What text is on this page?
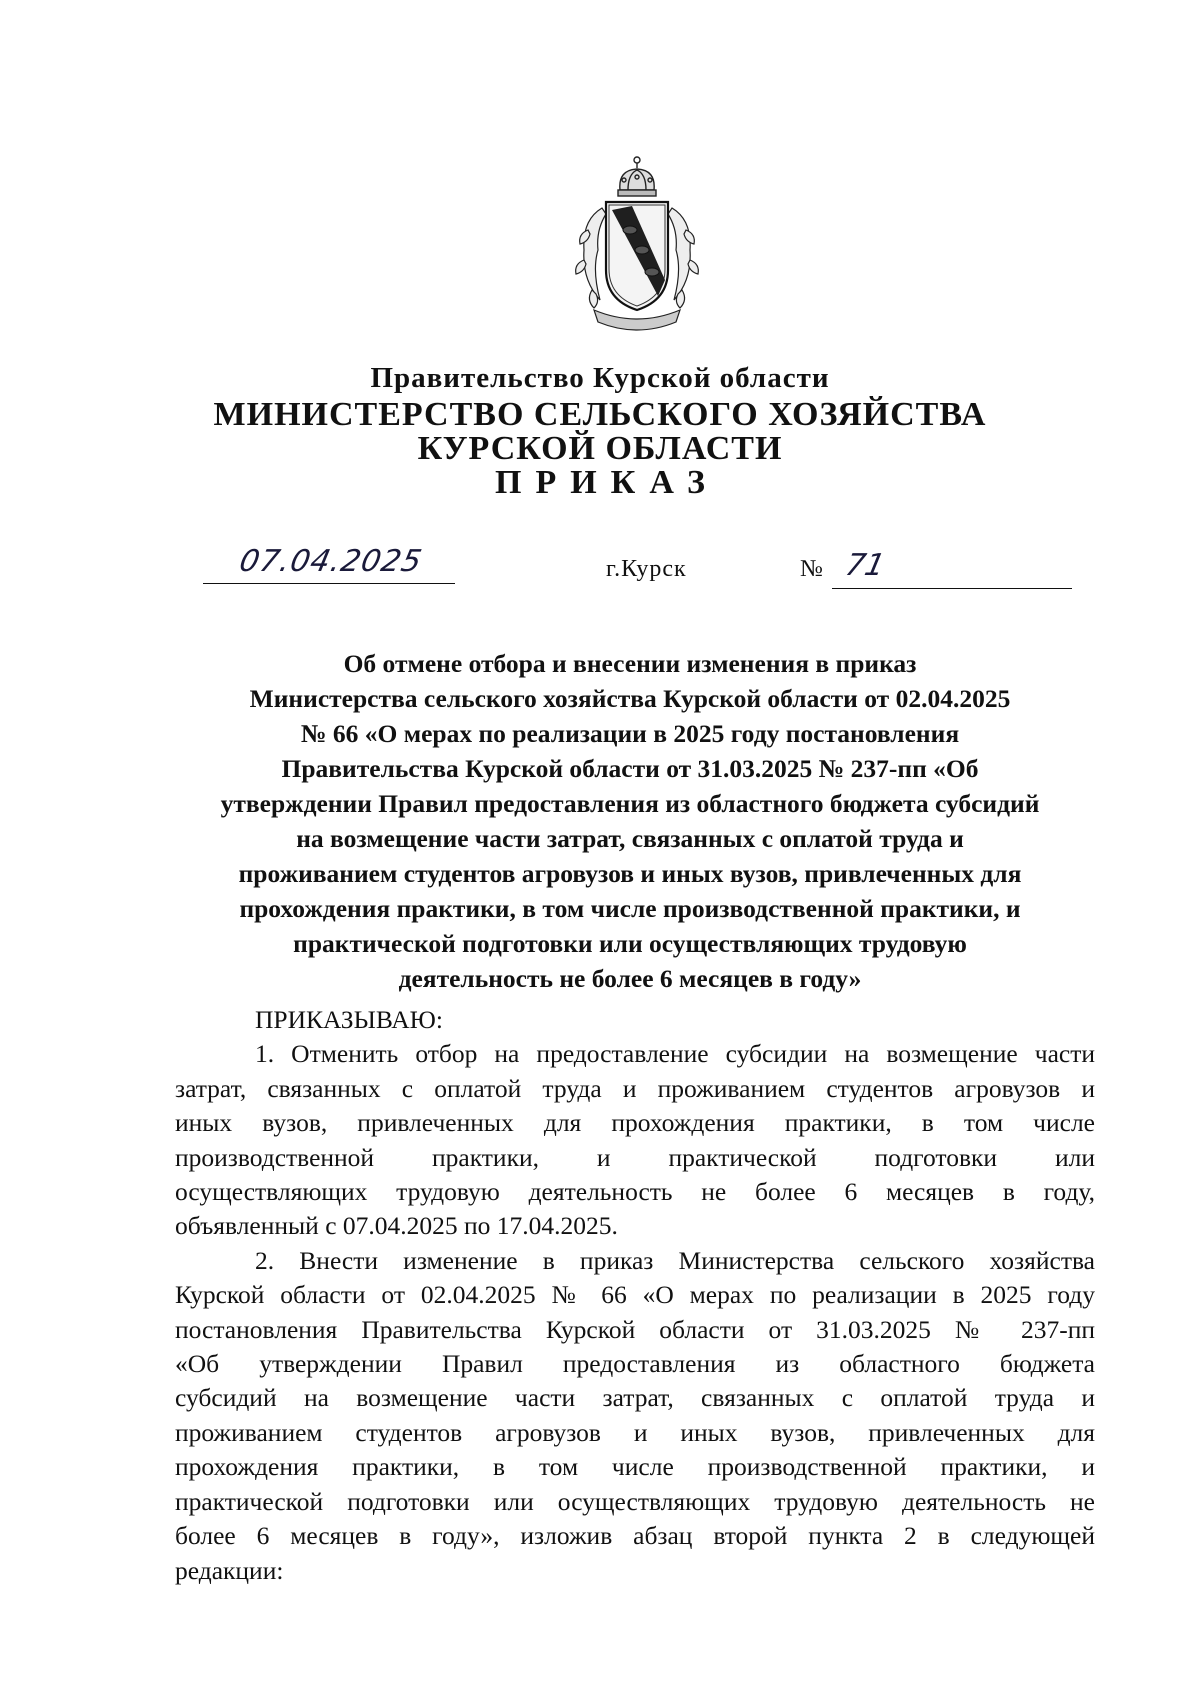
Правительство Курской области
МИНИСТЕРСТВО СЕЛЬСКОГО ХОЗЯЙСТВА
КУРСКОЙ ОБЛАСТИ
ПРИКАЗ
07.04.2025	г.Курск	№ 71
Об отмене отбора и внесении изменения в приказ
Министерства сельского хозяйства Курской области от 02.04.2025
№ 66 «О мерах по реализации в 2025 году постановления
Правительства Курской области от 31.03.2025 № 237-пп «Об
утверждении Правил предоставления из областного бюджета субсидий
на возмещение части затрат, связанных с оплатой труда и
проживанием студентов агровузов и иных вузов, привлеченных для
прохождения практики, в том числе производственной практики, и
практической подготовки или осуществляющих трудовую
деятельность не более 6 месяцев в году»
ПРИКАЗЫВАЮ:
1. Отменить отбор на предоставление субсидии на возмещение части
затрат, связанных с оплатой труда и проживанием студентов агровузов и
иных вузов, привлеченных для прохождения практики, в том числе
производственной практики, и практической подготовки или
осуществляющих трудовую деятельность не более 6 месяцев в году,
объявленный с 07.04.2025 по 17.04.2025.
2. Внести изменение в приказ Министерства сельского хозяйства
Курской области от 02.04.2025 № 66 «О мерах по реализации в 2025 году
постановления Правительства Курской области от 31.03.2025 № 237-пп
«Об утверждении Правил предоставления из областного бюджета
субсидий на возмещение части затрат, связанных с оплатой труда и
проживанием студентов агровузов и иных вузов, привлеченных для
прохождения практики, в том числе производственной практики, и
практической подготовки или осуществляющих трудовую деятельность не
более 6 месяцев в году», изложив абзац второй пункта 2 в следующей
редакции:
